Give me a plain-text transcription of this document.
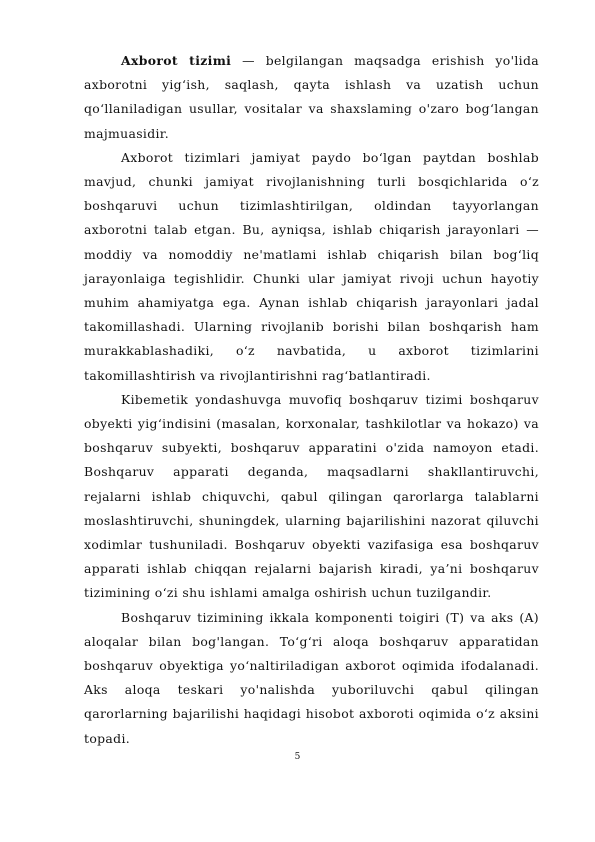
Axborot tizimi — belgilangan maqsadga erishish yo'lida axborotni yig‘ish, saqlash, qayta ishlash va uzatish uchun qo‘llaniladigan usullar, vositalar va shaxslaming o'zaro bog‘langan majmuasidir.

Axborot tizimlari jamiyat paydo bo‘lgan paytdan boshlab mavjud, chunki jamiyat rivojlanishning turli bosqichlarida o‘z boshqaruvi uchun tizimlashtirilgan, oldindan tayyorlangan axborotni talab etgan. Bu, ayniqsa, ishlab chiqarish jarayonlari — moddiy va nomoddiy ne'matlami ishlab chiqarish bilan bog‘liq jarayonlaiga tegishlidir. Chunki ular jamiyat rivoji uchun hayotiy muhim ahamiyatga ega. Aynan ishlab chiqarish jarayonlari jadal takomillashadi. Ularning rivojlanib borishi bilan boshqarish ham murakkablashadiki, o‘z navbatida, u axborot tizimlarini takomillashtirish va rivojlantirishni rag‘batlantiradi.

Kibemetik yondashuvga muvofiq boshqaruv tizimi boshqaruv obyekti yig‘indisini (masalan, korxonalar, tashkilotlar va hokazo) va boshqaruv subyekti, boshqaruv apparatini o'zida namoyon etadi. Boshqaruv apparati deganda, maqsadlarni shakllantiruvchi, rejalarni ishlab chiquvchi, qabul qilingan qarorlarga talablarni moslashtiruvchi, shuningdek, ularning bajarilishini nazorat qiluvchi xodimlar tushuniladi. Boshqaruv obyekti vazifasiga esa boshqaruv apparati ishlab chiqqan rejalarni bajarish kiradi, ya’ni boshqaruv tizimining o‘zi shu ishlami amalga oshirish uchun tuzilgandir.

Boshqaruv tizimining ikkala komponenti toigiri (T) va aks (A) aloqalar bilan bog'langan. To‘g‘ri aloqa boshqaruv apparatidan boshqaruv obyektiga yo‘naltiriladigan axborot oqimida ifodalanadi. Aks aloqa teskari yo'nalishda yuboriluvchi qabul qilingan qarorlarning bajarilishi haqidagi hisobot axboroti oqimida o‘z aksini topadi.

5
